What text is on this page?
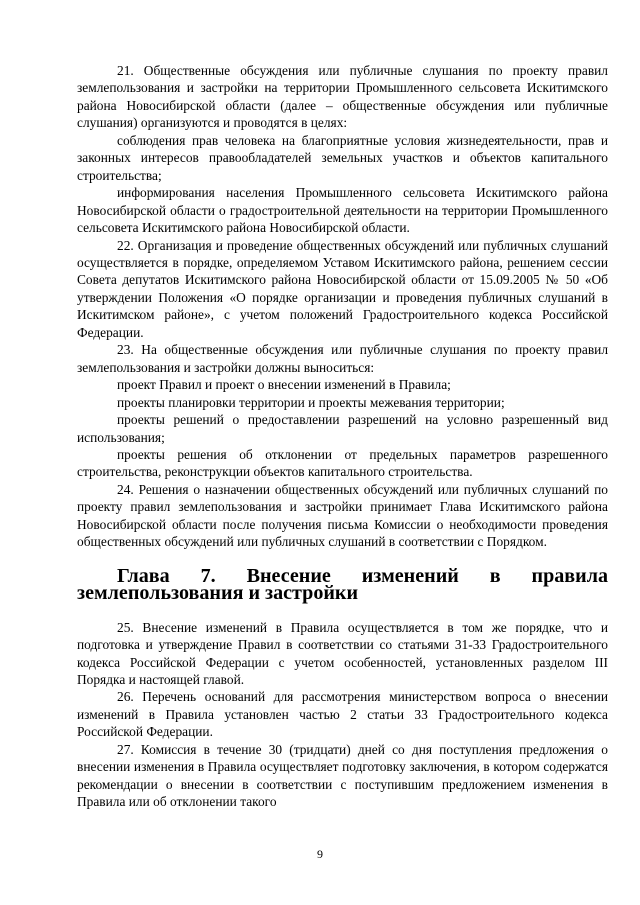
21. Общественные обсуждения или публичные слушания по проекту правил землепользования и застройки на территории Промышленного сельсовета Искитимского района Новосибирской области (далее – общественные обсуждения или публичные слушания) организуются и проводятся в целях:

соблюдения прав человека на благоприятные условия жизнедеятельности, прав и законных интересов правообладателей земельных участков и объектов капитального строительства;

информирования населения Промышленного сельсовета Искитимского района Новосибирской области о градостроительной деятельности на территории Промышленного сельсовета Искитимского района Новосибирской области.

22. Организация и проведение общественных обсуждений или публичных слушаний осуществляется в порядке, определяемом Уставом Искитимского района, решением сессии Совета депутатов Искитимского района Новосибирской области от 15.09.2005 № 50 «Об утверждении Положения «О порядке организации и проведения публичных слушаний в Искитимском районе», с учетом положений Градостроительного кодекса Российской Федерации.

23. На общественные обсуждения или публичные слушания по проекту правил землепользования и застройки должны выноситься:

проект Правил и проект о внесении изменений в Правила;

проекты планировки территории и проекты межевания территории;

проекты решений о предоставлении разрешений на условно разрешенный вид использования;

проекты решения об отклонении от предельных параметров разрешенного строительства, реконструкции объектов капитального строительства.

24. Решения о назначении общественных обсуждений или публичных слушаний по проекту правил землепользования и застройки принимает Глава Искитимского района Новосибирской области после получения письма Комиссии о необходимости проведения общественных обсуждений или публичных слушаний в соответствии с Порядком.

Глава 7. Внесение изменений в правила землепользования и застройки

25. Внесение изменений в Правила осуществляется в том же порядке, что и подготовка и утверждение Правил в соответствии со статьями 31-33 Градостроительного кодекса Российской Федерации с учетом особенностей, установленных разделом III Порядка и настоящей главой.

26. Перечень оснований для рассмотрения министерством вопроса о внесении изменений в Правила установлен частью 2 статьи 33 Градостроительного кодекса Российской Федерации.

27. Комиссия в течение 30 (тридцати) дней со дня поступления предложения о внесении изменения в Правила осуществляет подготовку заключения, в котором содержатся рекомендации о внесении в соответствии с поступившим предложением изменения в Правила или об отклонении такого

9
